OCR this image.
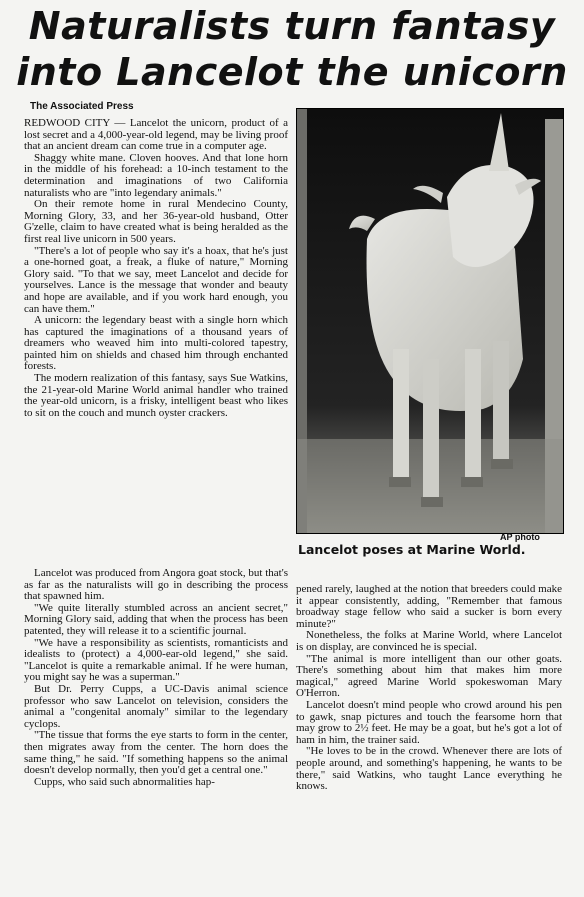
Naturalists turn fantasy
into Lancelot the unicorn
The Associated Press

REDWOOD CITY — Lancelot the unicorn, product of a lost secret and a 4,000-year-old legend, may be living proof that an ancient dream can come true in a computer age.

Shaggy white mane. Cloven hooves. And that lone horn in the middle of his forehead: a 10-inch testament to the determination and imaginations of two California naturalists who are "into legendary animals."

On their remote home in rural Mendecino County, Morning Glory, 33, and her 36-year-old husband, Otter G'zelle, claim to have created what is being heralded as the first real live unicorn in 500 years.

"There's a lot of people who say it's a hoax, that he's just a one-horned goat, a freak, a fluke of nature," Morning Glory said. "To that we say, meet Lancelot and decide for yourselves. Lance is the message that wonder and beauty and hope are available, and if you work hard enough, you can have them."

A unicorn: the legendary beast with a single horn which has captured the imaginations of a thousand years of dreamers who weaved him into multi-colored tapestry, painted him on shields and chased him through enchanted forests.

The modern realization of this fantasy, says Sue Watkins, the 21-year-old Marine World animal handler who trained the year-old unicorn, is a frisky, intelligent beast who likes to sit on the couch and munch oyster crackers.

Lancelot was produced from Angora goat stock, but that's as far as the naturalists will go in describing the process that spawned him.

"We quite literally stumbled across an ancient secret," Morning Glory said, adding that when the process has been patented, they will release it to a scientific journal.

"We have a responsibility as scientists, romanticists and idealists to (protect) a 4,000-ear-old legend," she said. "Lancelot is quite a remarkable animal. If he were human, you might say he was a superman."

But Dr. Perry Cupps, a UC-Davis animal science professor who saw Lancelot on television, considers the animal a "congenital anomaly" similar to the legendary cyclops.

"The tissue that forms the eye starts to form in the center, then migrates away from the center. The horn does the same thing," he said. "If something happens so the animal doesn't develop normally, then you'd get a central one."

Cupps, who said such abnormalities hap-

AP photo
Lancelot poses at Marine World.

pened rarely, laughed at the notion that breeders could make it appear consistently, adding, "Remember that famous broadway stage fellow who said a sucker is born every minute?"

Nonetheless, the folks at Marine World, where Lancelot is on display, are convinced he is special.

"The animal is more intelligent than our other goats. There's something about him that makes him more magical," agreed Marine World spokeswoman Mary O'Herron.

Lancelot doesn't mind people who crowd around his pen to gawk, snap pictures and touch the fearsome horn that may grow to 2½ feet. He may be a goat, but he's got a lot of ham in him, the trainer said.

"He loves to be in the crowd. Whenever there are lots of people around, and something's happening, he wants to be there," said Watkins, who taught Lance everything he knows.
